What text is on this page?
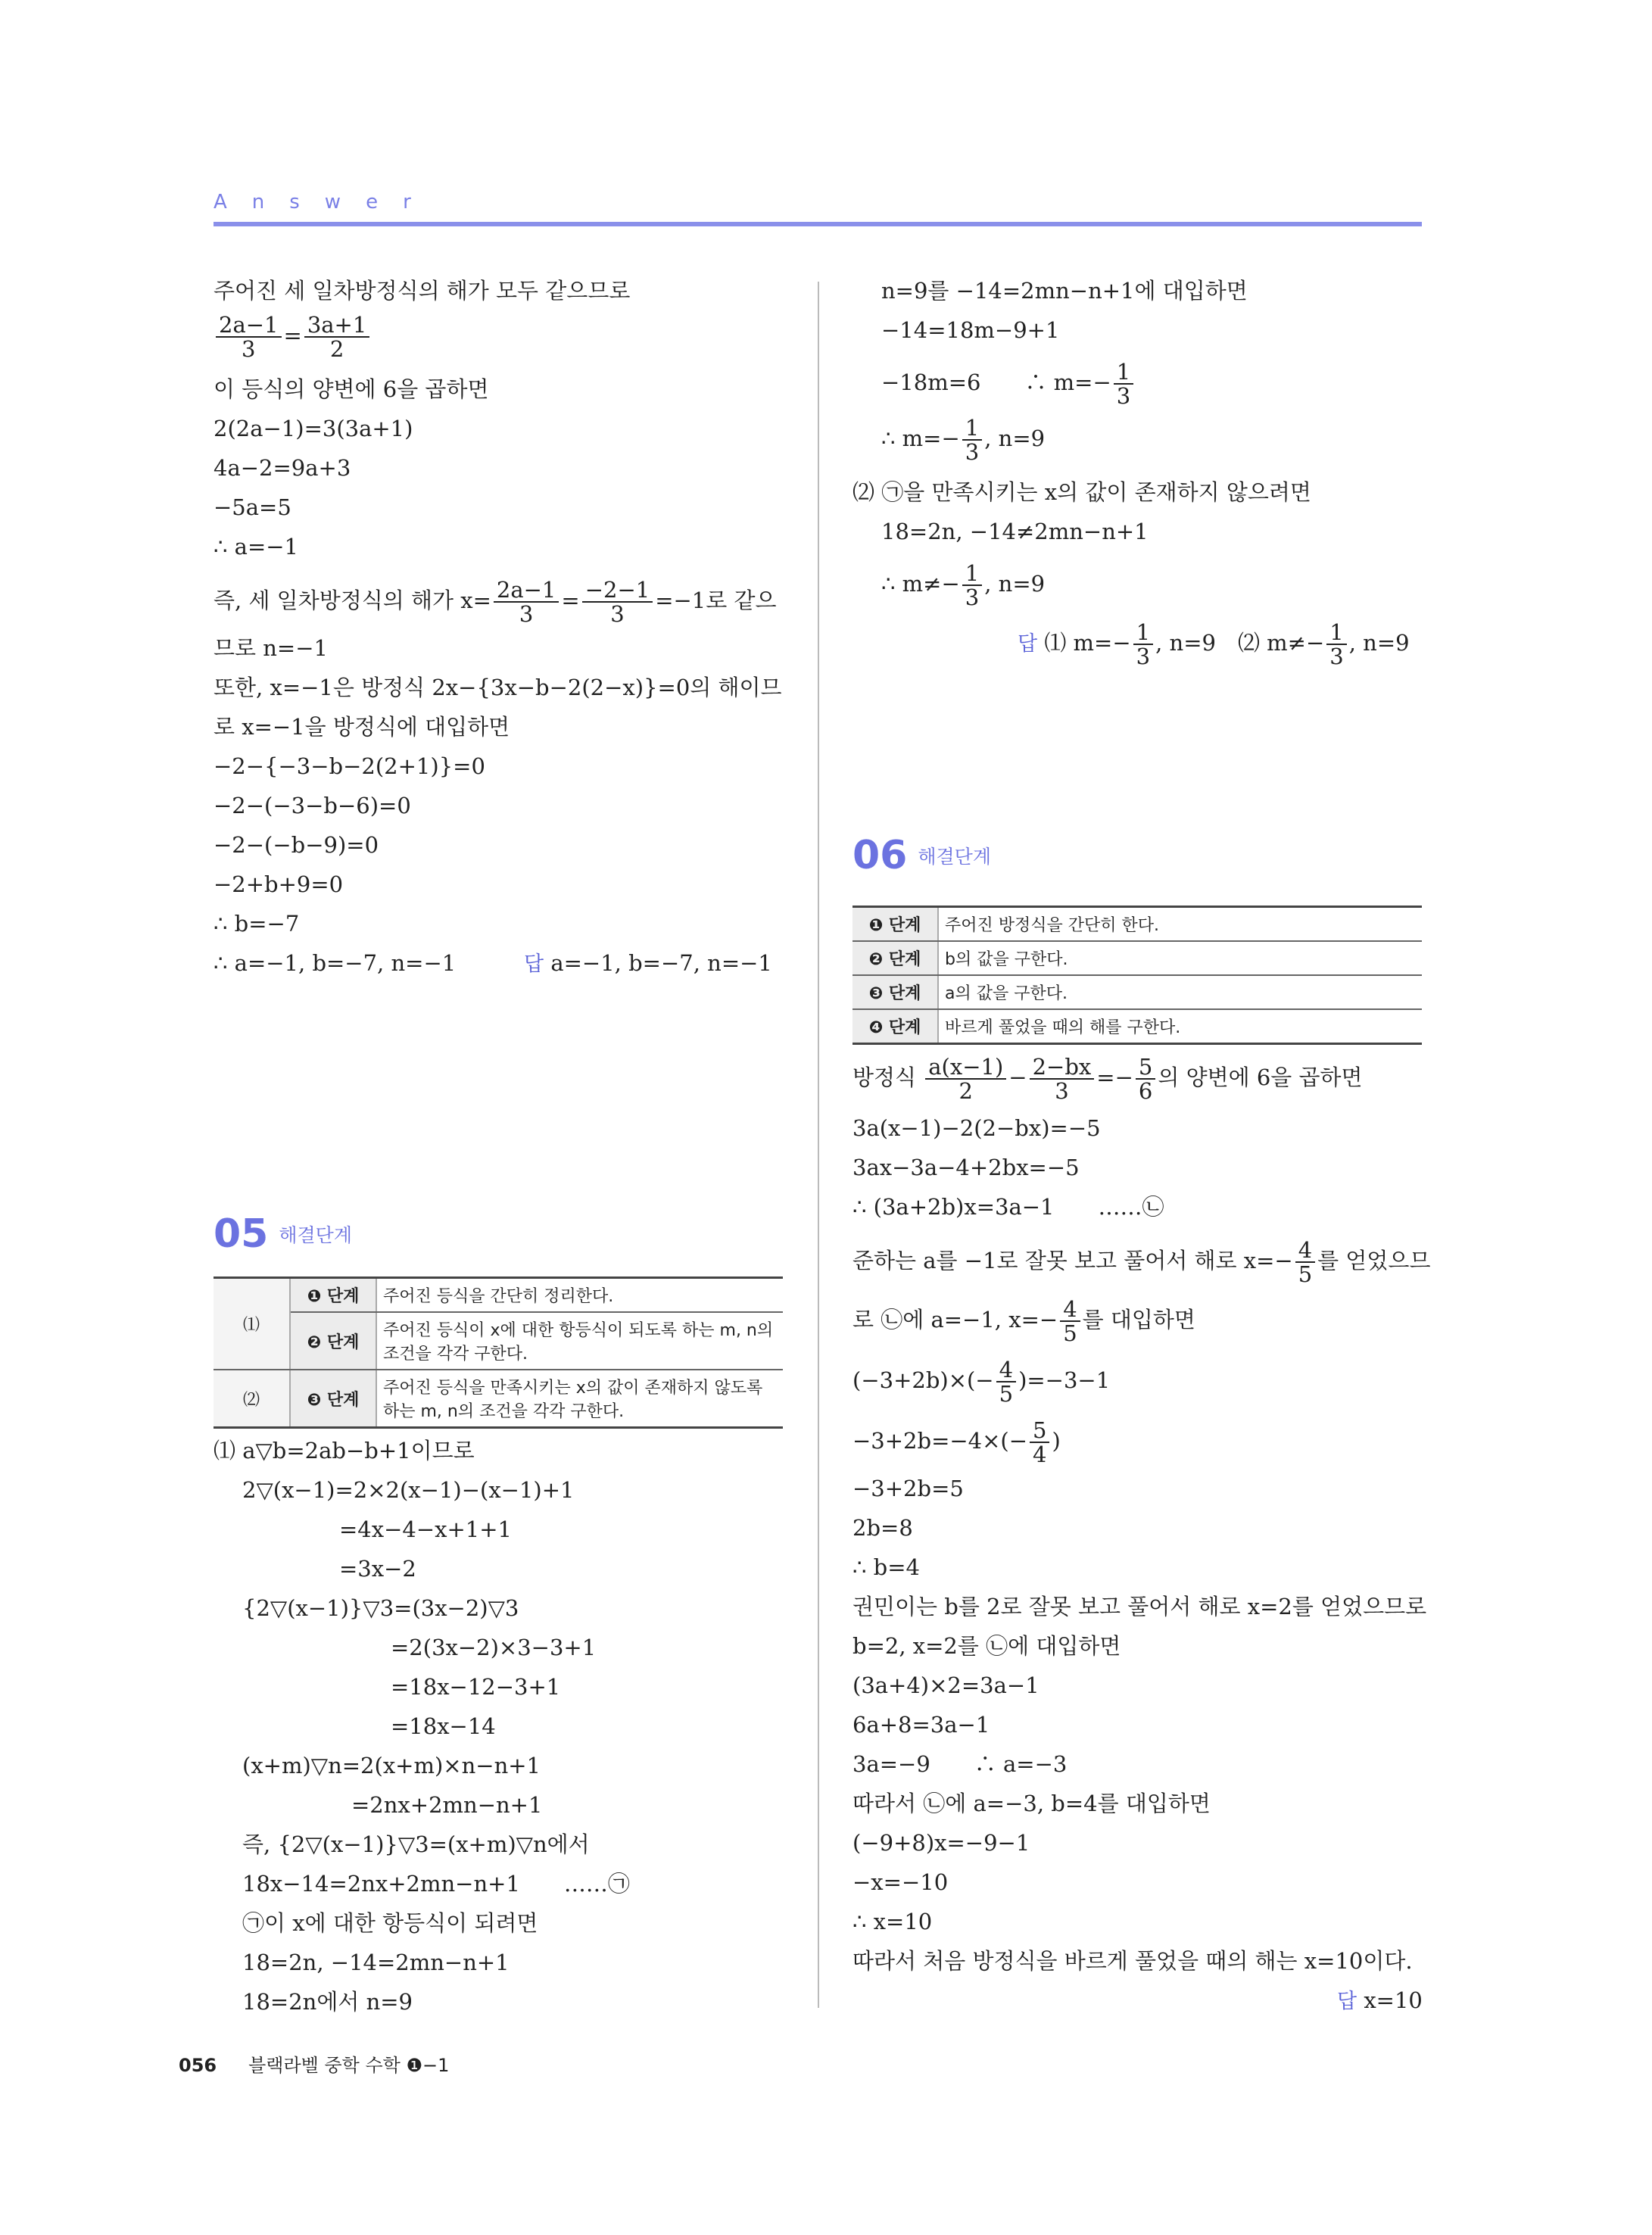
Answer
주어진 세 일차방정식의 해가 모두 같으므로
$\frac{2a-1}{3} = \frac{3a+1}{2}$
이 등식의 양변에 6을 곱하면
2(2a−1)=3(3a+1)
4a−2=9a+3
−5a=5
∴ a=−1
즉, 세 일차방정식의 해가 $x= \frac{2a-1}{3} = \frac{-2-1}{3} =-1$로 같으
므로 n=−1
또한, x=−1은 방정식 2x−{3x−b−2(2−x)}=0의 해이므
로 x=−1을 방정식에 대입하면
−2−{−3−b−2(2+1)}=0
−2−(−3−b−6)=0
−2−(−b−9)=0
−2+b+9=0
∴ b=−7
∴ a=−1, b=−7, n=−1	답 a=−1, b=−7, n=−1
05 해결단계
⑴	❶ 단계	주어진 등식을 간단히 정리한다.
	❷ 단계	주어진 등식이 x에 대한 항등식이 되도록 하는 m, n의 조건을 각각 구한다.
⑵	❸ 단계	주어진 등식을 만족시키는 x의 값이 존재하지 않도록 하는 m, n의 조건을 각각 구한다.
⑴ a▽b=2ab−b+1이므로
2▽(x−1)=2×2(x−1)−(x−1)+1
=4x−4−x+1+1
=3x−2
{2▽(x−1)}▽3=(3x−2)▽3
=2(3x−2)×3−3+1
=18x−12−3+1
=18x−14
(x+m)▽n=2(x+m)×n−n+1
=2nx+2mn−n+1
즉, {2▽(x−1)}▽3=(x+m)▽n에서
18x−14=2nx+2mn−n+1　　……㉠
㉠이 x에 대한 항등식이 되려면
18=2n, −14=2mn−n+1
18=2n에서 n=9
n=9를 −14=2mn−n+1에 대입하면
−14=18m−9+1
−18m=6　　∴ $m=- \frac{1}{3}$
∴ $m=- \frac{1}{3}$ , n=9
⑵ ㉠을 만족시키는 x의 값이 존재하지 않으려면
18=2n, −14≠2mn−n+1
∴ $m\ne- \frac{1}{3}$ , n=9
답 ⑴ $m=- \frac{1}{3}$ , n=9　⑵ $m\ne- \frac{1}{3}$ , n=9
06 해결단계
❶ 단계	주어진 방정식을 간단히 한다.
❷ 단계	b의 값을 구한다.
❸ 단계	a의 값을 구한다.
❹ 단계	바르게 풀었을 때의 해를 구한다.
방정식 $\frac{a(x-1)}{2} - \frac{2-bx}{3} =- \frac{5}{6}$ 의 양변에 6을 곱하면
3a(x−1)−2(2−bx)=−5
3ax−3a−4+2bx=−5
∴ (3a+2b)x=3a−1　　……㉡
준하는 a를 −1로 잘못 보고 풀어서 해로 $x=- \frac{4}{5}$ 를 얻었으므
로 ㉡에 a=−1, $x=- \frac{4}{5}$ 를 대입하면
$(-3+2b)\times(- \frac{4}{5} )=-3-1$
$-3+2b=-4\times(- \frac{5}{4}$ )
−3+2b=5
2b=8
∴ b=4
권민이는 b를 2로 잘못 보고 풀어서 해로 x=2를 얻었으므로
b=2, x=2를 ㉡에 대입하면
(3a+4)×2=3a−1
6a+8=3a−1
3a=−9　　∴ a=−3
따라서 ㉡에 a=−3, b=4를 대입하면
(−9+8)x=−9−1
−x=−10
∴ x=10
따라서 처음 방정식을 바르게 풀었을 때의 해는 x=10이다.
답 x=10
056 블랙라벨 중학 수학 ❶−1
